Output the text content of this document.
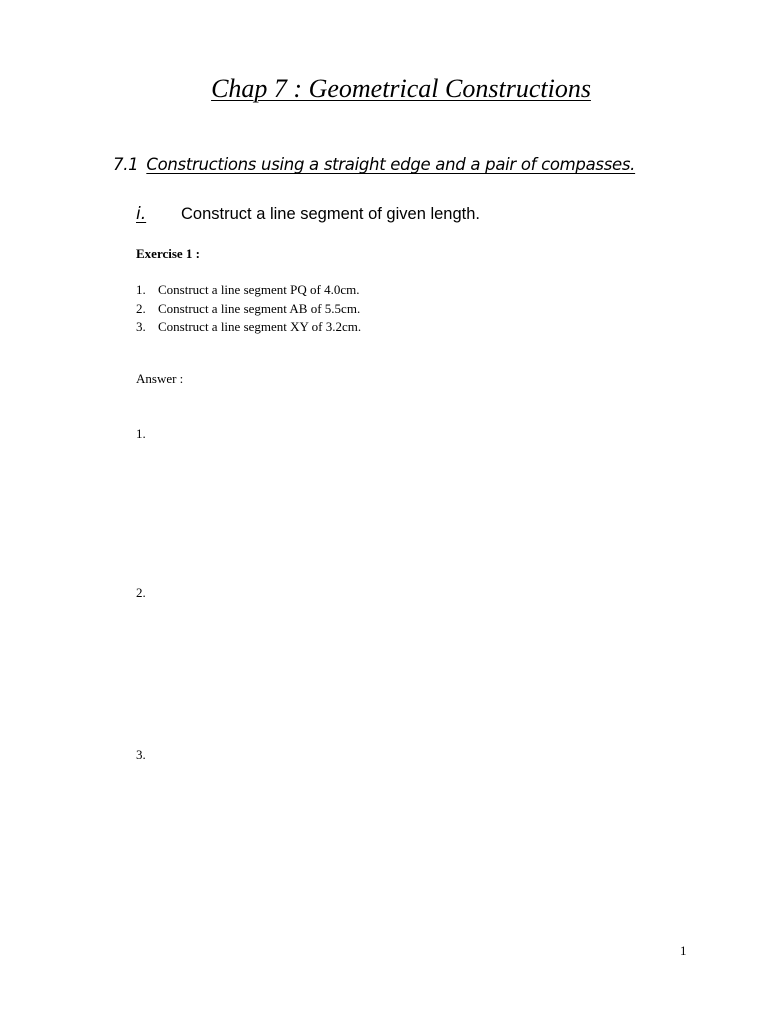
Chap 7 : Geometrical Constructions
7.1 Constructions using a straight edge and a pair of compasses.
i. Construct a line segment of given length.
Exercise 1 :
1. Construct a line segment PQ of 4.0cm.
2. Construct a line segment AB of 5.5cm.
3. Construct a line segment XY of 3.2cm.
Answer :
1.
2.
3.
1
